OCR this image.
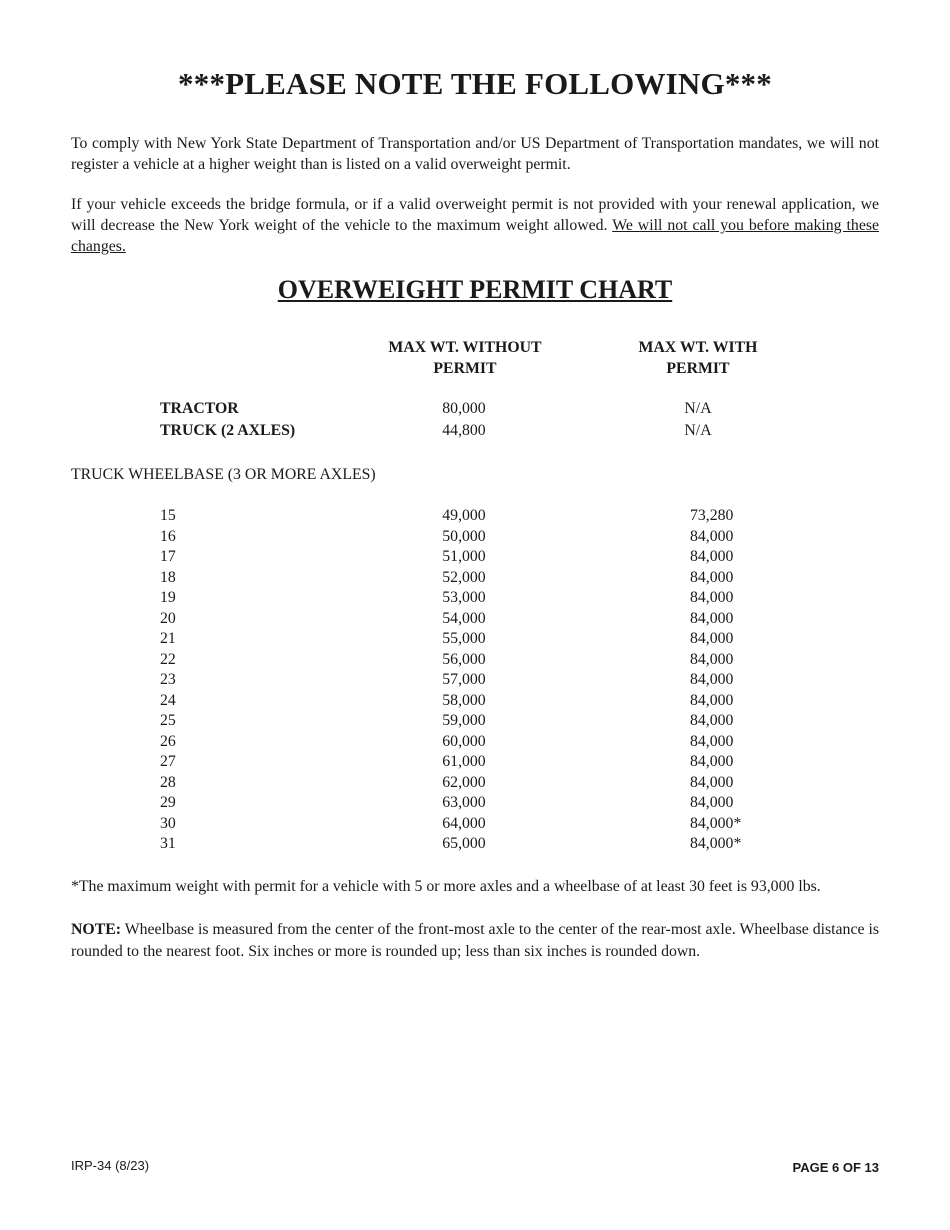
***PLEASE NOTE THE FOLLOWING***
To comply with New York State Department of Transportation and/or US Department of Transportation mandates, we will not register a vehicle at a higher weight than is listed on a valid overweight permit.
If your vehicle exceeds the bridge formula, or if a valid overweight permit is not provided with your renewal application, we will decrease the New York weight of the vehicle to the maximum weight allowed. We will not call you before making these changes.
OVERWEIGHT PERMIT CHART
MAX WT. WITHOUT
PERMIT
MAX WT. WITH
PERMIT
TRACTOR	80,000	N/A
TRUCK (2 AXLES)	44,800	N/A
TRUCK WHEELBASE (3 OR MORE AXLES)
15	49,000	73,280
16	50,000	84,000
17	51,000	84,000
18	52,000	84,000
19	53,000	84,000
20	54,000	84,000
21	55,000	84,000
22	56,000	84,000
23	57,000	84,000
24	58,000	84,000
25	59,000	84,000
26	60,000	84,000
27	61,000	84,000
28	62,000	84,000
29	63,000	84,000
30	64,000	84,000*
31	65,000	84,000*
*The maximum weight with permit for a vehicle with 5 or more axles and a wheelbase of at least 30 feet is 93,000 lbs.
NOTE: Wheelbase is measured from the center of the front-most axle to the center of the rear-most axle. Wheelbase distance is rounded to the nearest foot. Six inches or more is rounded up; less than six inches is rounded down.
IRP-34 (8/23)	PAGE 6 OF 13
